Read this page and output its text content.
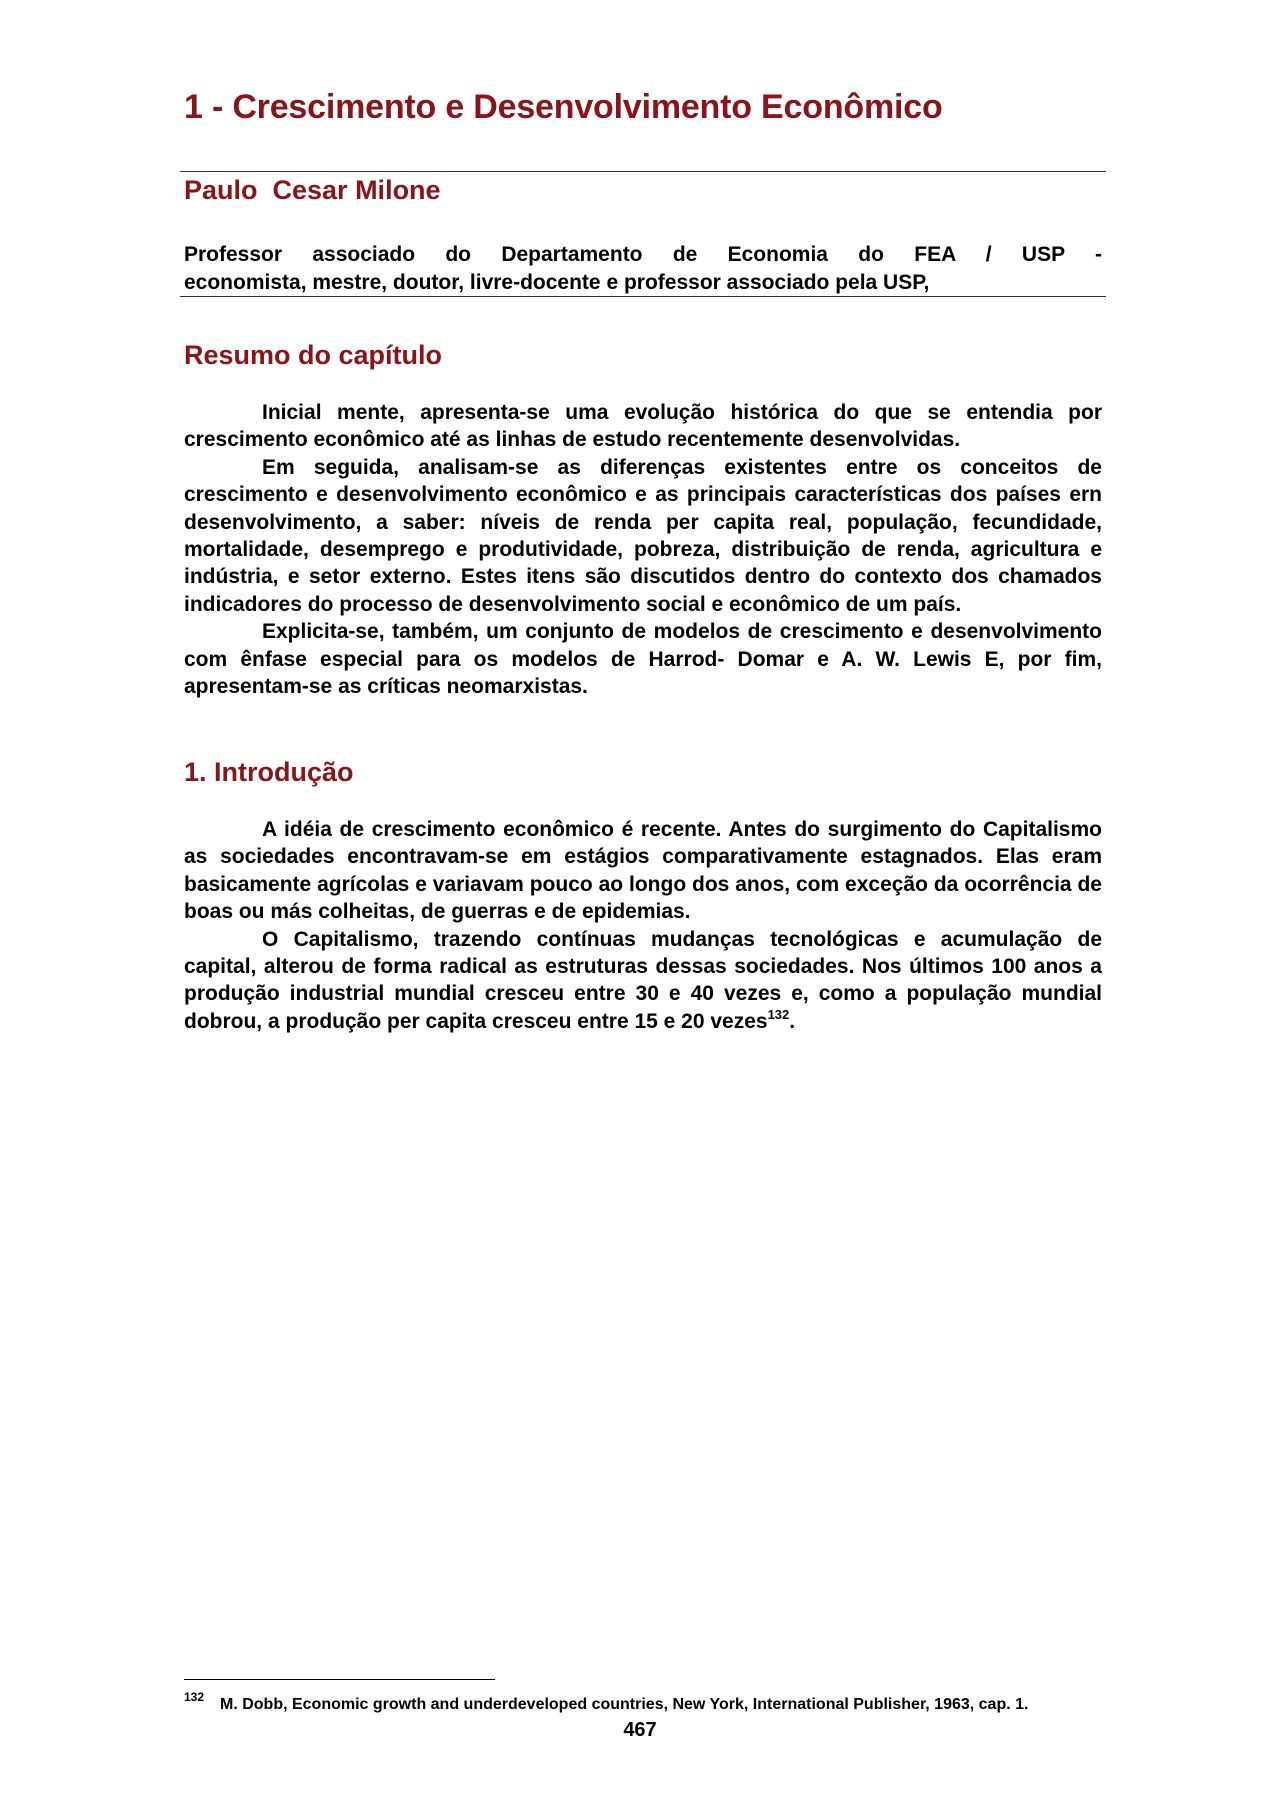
1 - Crescimento e Desenvolvimento Econômico
Paulo  Cesar Milone
Professor associado do Departamento de Economia do FEA / USP -
economista, mestre, doutor, livre-docente e professor associado pela USP,
Resumo do capítulo

Inicial mente, apresenta-se uma evolução histórica do que se entendia por crescimento econômico até as linhas de estudo recentemente desenvolvidas.

Em seguida, analisam-se as diferenças existentes entre os conceitos de crescimento e desenvolvimento econômico e as principais características dos países ern desenvolvimento, a saber: níveis de renda per capita real, população, fecundidade, mortalidade, desemprego e produtividade, pobreza, distribuição de renda, agricultura e indústria, e setor externo. Estes itens são discutidos dentro do contexto dos chamados indicadores do processo de desenvolvimento social e econômico de um país.

Explicita-se, também, um conjunto de modelos de crescimento e desenvolvimento com ênfase especial para os modelos de Harrod- Domar e A. W. Lewis E, por fim, apresentam-se as críticas neomarxistas.

1. Introdução

A idéia de crescimento econômico é recente. Antes do surgimento do Capitalismo as sociedades encontravam-se em estágios comparativamente estagnados. Elas eram basicamente agrícolas e variavam pouco ao longo dos anos, com exceção da ocorrência de boas ou más colheitas, de guerras e de epidemias.

O Capitalismo, trazendo contínuas mudanças tecnológicas e acumulação de capital, alterou de forma radical as estruturas dessas sociedades. Nos últimos 100 anos a produção industrial mundial cresceu entre 30 e 40 vezes e, como a população mundial dobrou, a produção per capita cresceu entre 15 e 20 vezes$^{132}$.

132 M. Dobb, Economic growth and underdeveloped countries, New York, International Publisher, 1963, cap. 1.
467
